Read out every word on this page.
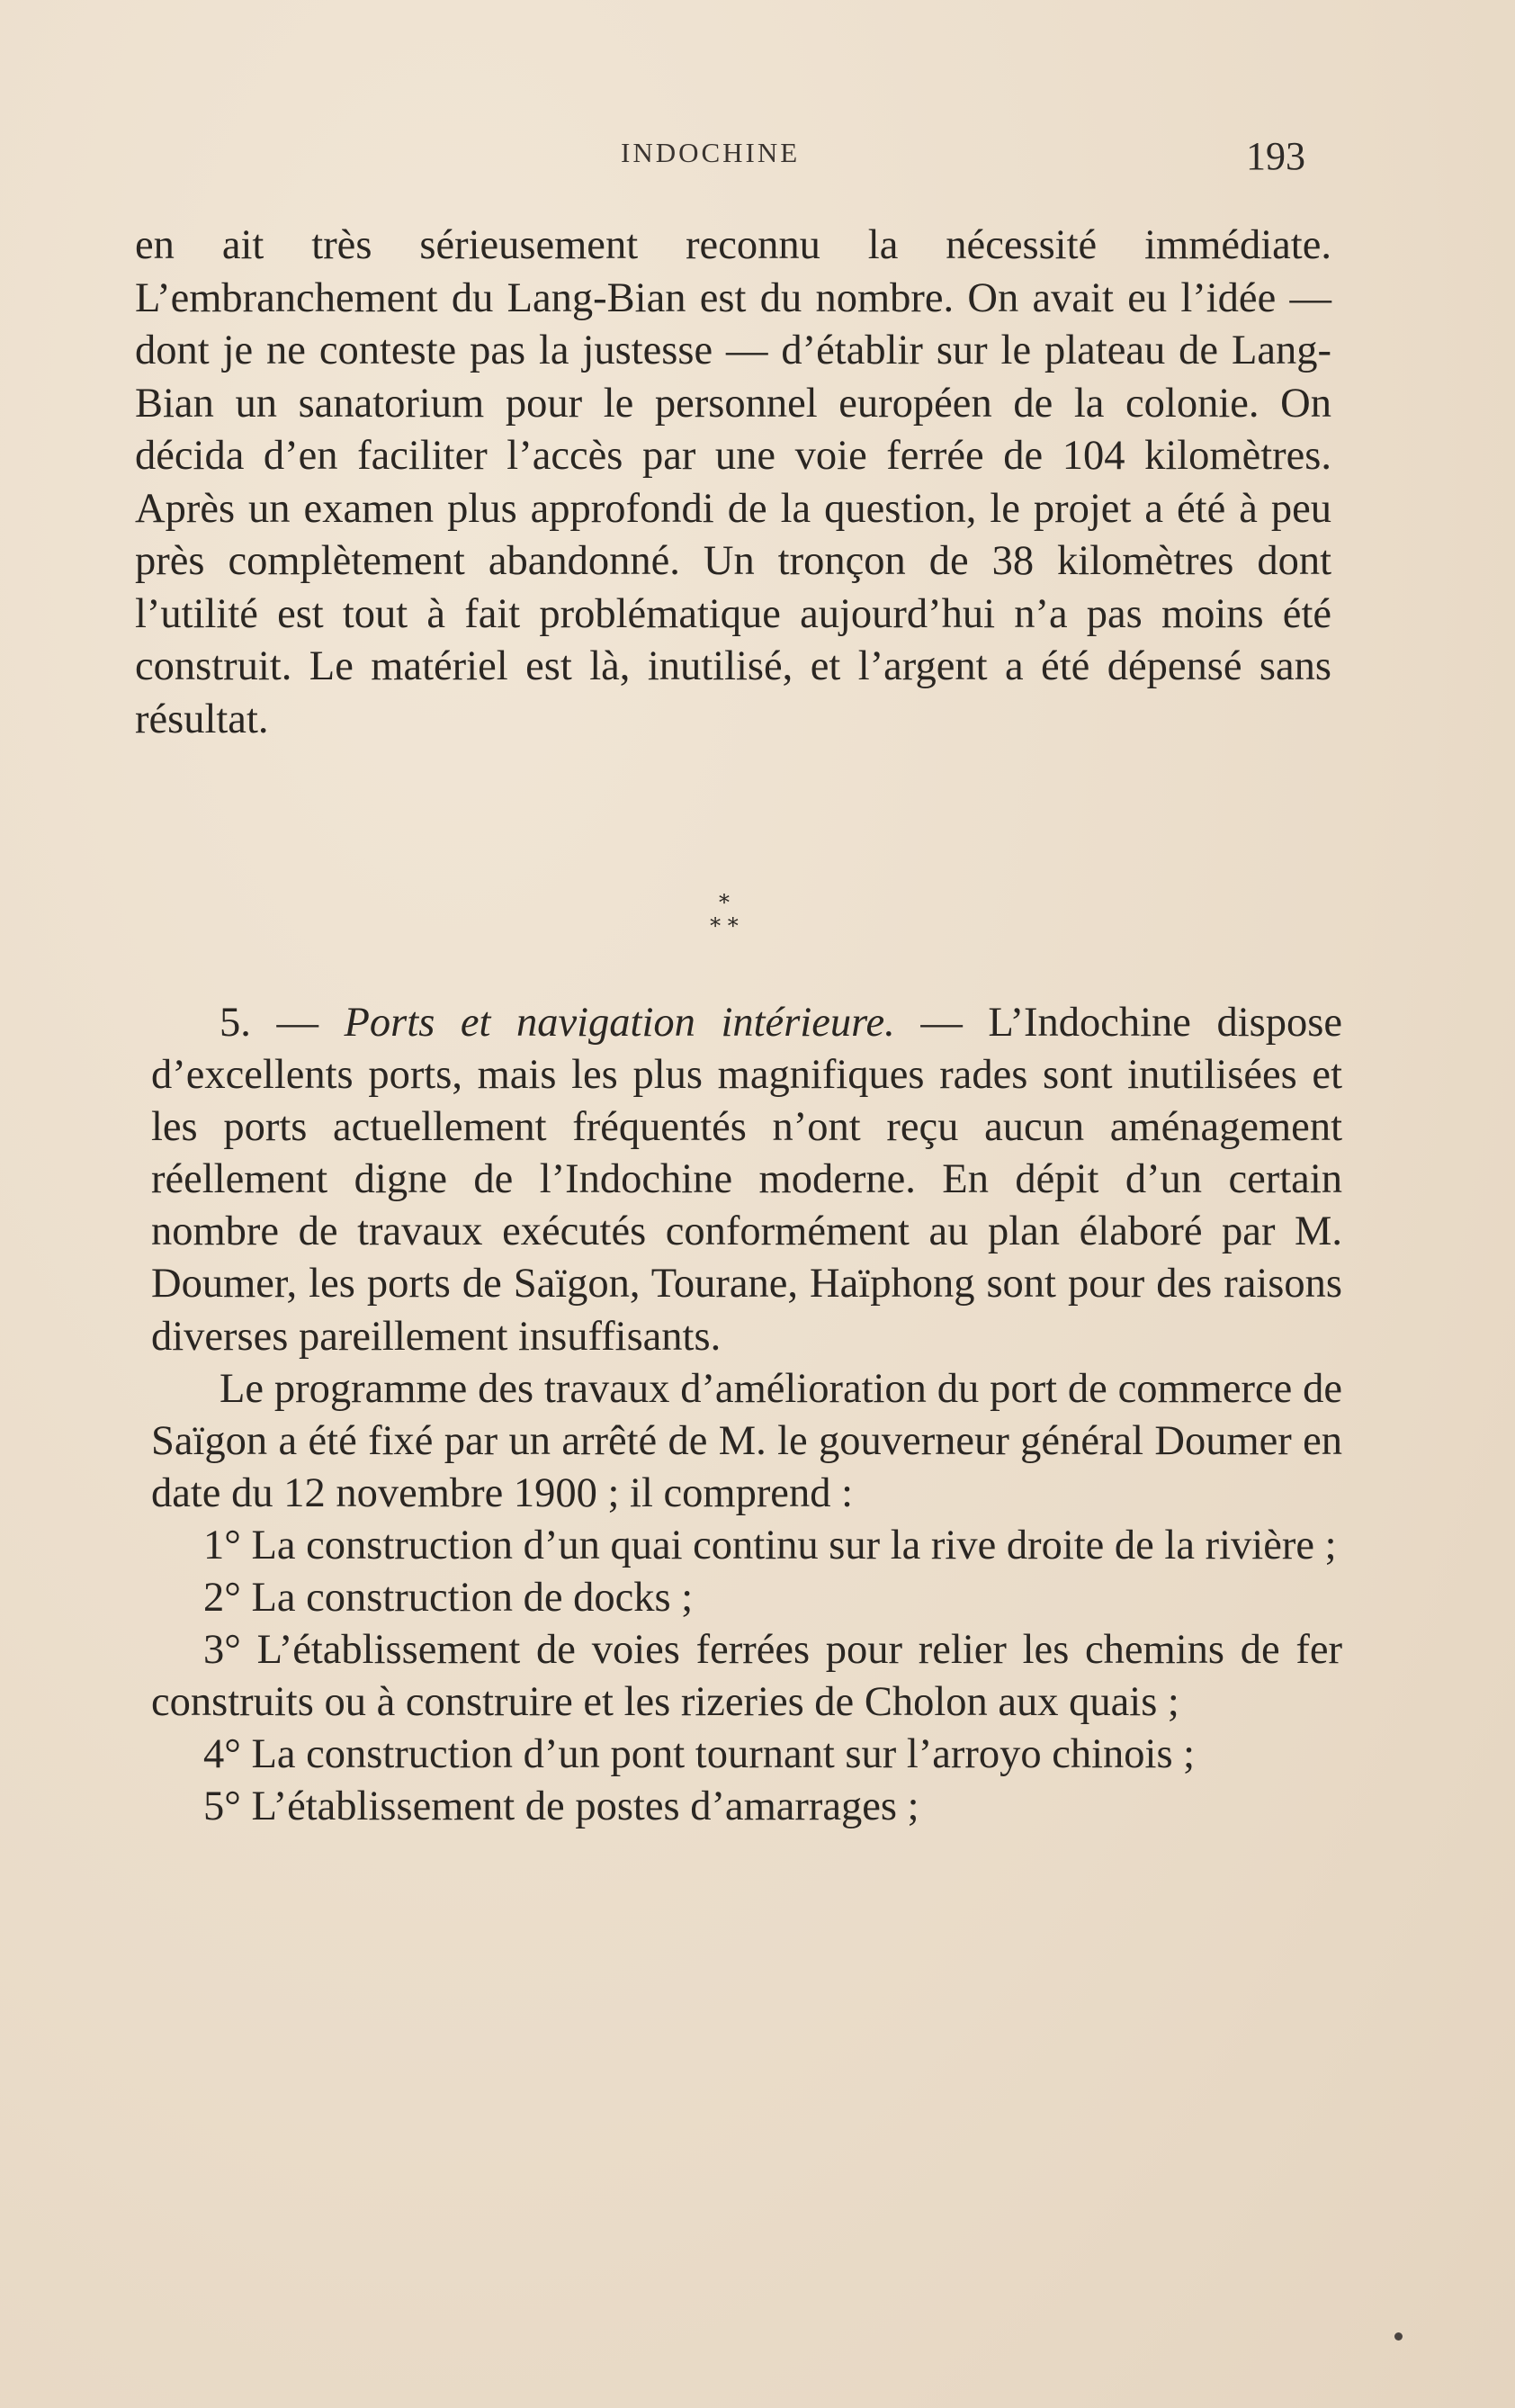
INDOCHINE	193

en ait très sérieusement reconnu la nécessité immédiate. L’embranchement du Lang-Bian est du nombre. On avait eu l’idée — dont je ne conteste pas la justesse — d’établir sur le plateau de Lang-Bian un sanatorium pour le personnel européen de la colonie. On décida d’en faciliter l’accès par une voie ferrée de 104 kilomètres. Après un examen plus approfondi de la question, le projet a été à peu près complètement abandonné. Un tronçon de 38 kilomètres dont l’utilité est tout à fait problématique aujourd’hui n’a pas moins été construit. Le matériel est là, inutilisé, et l’argent a été dépensé sans résultat.

*
* *

5. — Ports et navigation intérieure. — L’Indochine dispose d’excellents ports, mais les plus magnifiques rades sont inutilisées et les ports actuellement fréquentés n’ont reçu aucun aménagement réellement digne de l’Indochine moderne. En dépit d’un certain nombre de travaux exécutés conformément au plan élaboré par M. Doumer, les ports de Saïgon, Tourane, Haïphong sont pour des raisons diverses pareillement insuffisants.

Le programme des travaux d’amélioration du port de commerce de Saïgon a été fixé par un arrêté de M. le gouverneur général Doumer en date du 12 novembre 1900 ; il comprend :

1° La construction d’un quai continu sur la rive droite de la rivière ;

2° La construction de docks ;

3° L’établissement de voies ferrées pour relier les chemins de fer construits ou à construire et les rizeries de Cholon aux quais ;

4° La construction d’un pont tournant sur l’arroyo chinois ;

5° L’établissement de postes d’amarrages ;
